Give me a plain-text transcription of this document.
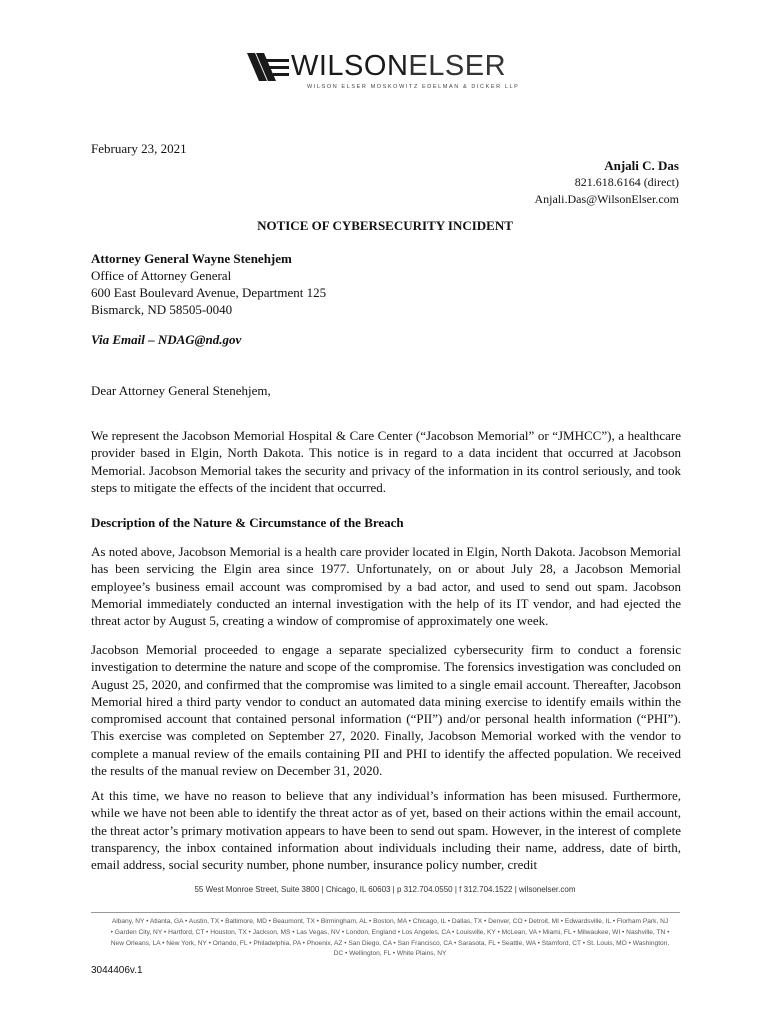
WILSONELSER
WILSON ELSER MOSKOWITZ EDELMAN & DICKER LLP
February 23, 2021
Anjali C. Das
821.618.6164 (direct)
Anjali.Das@WilsonElser.com
NOTICE OF CYBERSECURITY INCIDENT
Attorney General Wayne Stenehjem
Office of Attorney General
600 East Boulevard Avenue, Department 125
Bismarck, ND 58505-0040
Via Email – NDAG@nd.gov
Dear Attorney General Stenehjem,
We represent the Jacobson Memorial Hospital & Care Center (“Jacobson Memorial” or “JMHCC”), a healthcare provider based in Elgin, North Dakota. This notice is in regard to a data incident that occurred at Jacobson Memorial. Jacobson Memorial takes the security and privacy of the information in its control seriously, and took steps to mitigate the effects of the incident that occurred.
Description of the Nature & Circumstance of the Breach
As noted above, Jacobson Memorial is a health care provider located in Elgin, North Dakota. Jacobson Memorial has been servicing the Elgin area since 1977. Unfortunately, on or about July 28, a Jacobson Memorial employee’s business email account was compromised by a bad actor, and used to send out spam. Jacobson Memorial immediately conducted an internal investigation with the help of its IT vendor, and had ejected the threat actor by August 5, creating a window of compromise of approximately one week.
Jacobson Memorial proceeded to engage a separate specialized cybersecurity firm to conduct a forensic investigation to determine the nature and scope of the compromise. The forensics investigation was concluded on August 25, 2020, and confirmed that the compromise was limited to a single email account. Thereafter, Jacobson Memorial hired a third party vendor to conduct an automated data mining exercise to identify emails within the compromised account that contained personal information (“PII”) and/or personal health information (“PHI”). This exercise was completed on September 27, 2020. Finally, Jacobson Memorial worked with the vendor to complete a manual review of the emails containing PII and PHI to identify the affected population. We received the results of the manual review on December 31, 2020.
At this time, we have no reason to believe that any individual’s information has been misused. Furthermore, while we have not been able to identify the threat actor as of yet, based on their actions within the email account, the threat actor’s primary motivation appears to have been to send out spam. However, in the interest of complete transparency, the inbox contained information about individuals including their name, address, date of birth, email address, social security number, phone number, insurance policy number, credit
55 West Monroe Street, Suite 3800 | Chicago, IL 60603 | p 312.704.0550 | f 312.704.1522 | wilsonelser.com
Albany, NY • Atlanta, GA • Austin, TX • Baltimore, MD • Beaumont, TX • Birmingham, AL • Boston, MA • Chicago, IL • Dallas, TX • Denver, CO • Detroit, MI • Edwardsville, IL • Florham Park, NJ • Garden City, NY • Hartford, CT • Houston, TX • Jackson, MS • Las Vegas, NV • London, England • Los Angeles, CA • Louisville, KY • McLean, VA • Miami, FL • Milwaukee, WI • Nashville, TN • New Orleans, LA • New York, NY • Orlando, FL • Philadelphia, PA • Phoenix, AZ • San Diego, CA • San Francisco, CA • Sarasota, FL • Seattle, WA • Stamford, CT • St. Louis, MO • Washington, DC • Wellington, FL • White Plains, NY
3044406v.1
